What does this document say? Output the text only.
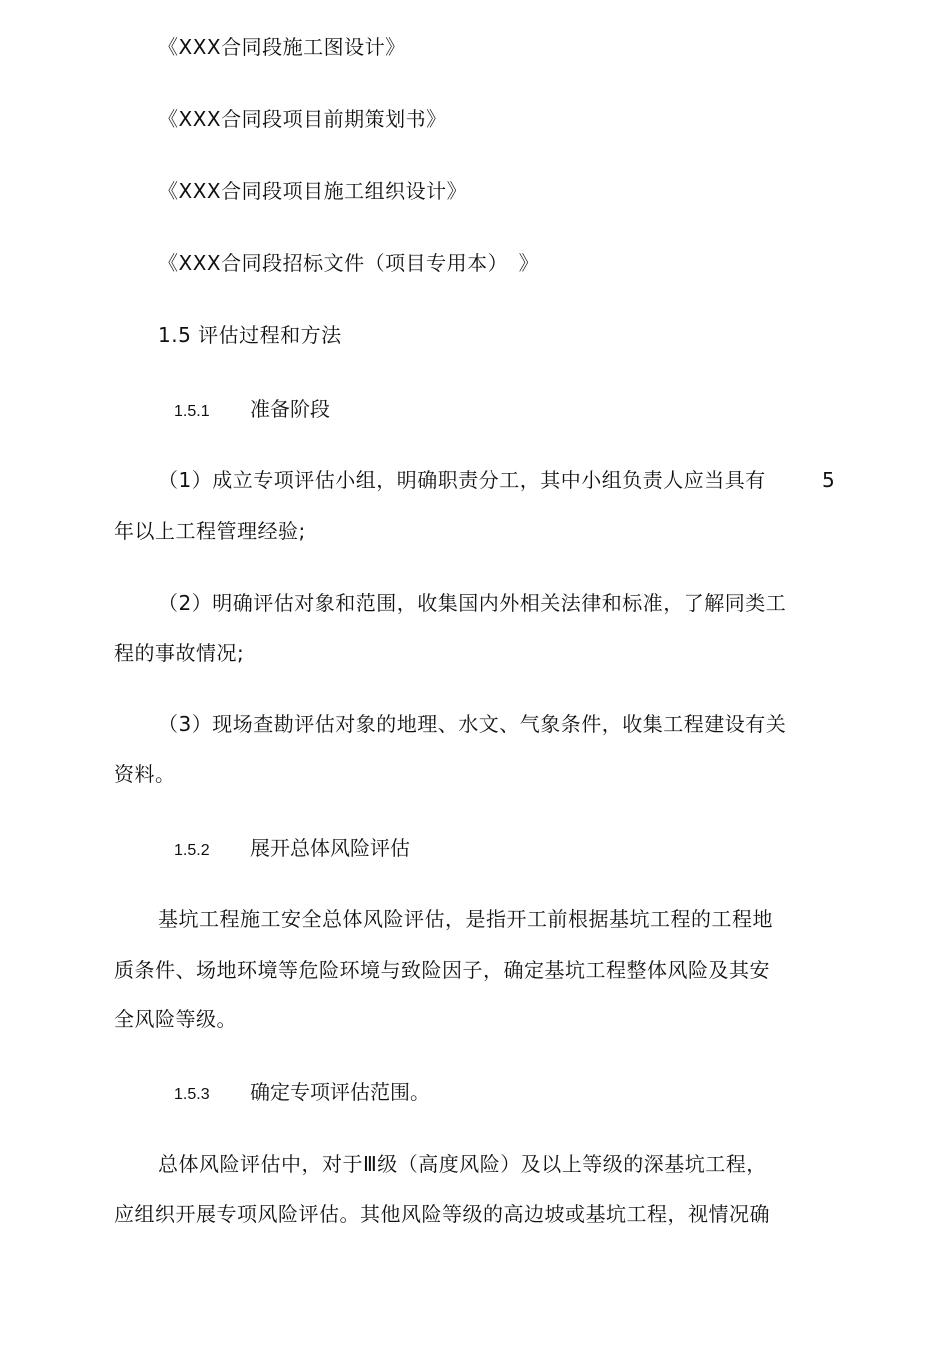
《XXX合同段施工图设计》
《XXX合同段项目前期策划书》
《XXX合同段项目施工组织设计》
《XXX合同段招标文件（项目专用本）　》
1.5 评估过程和方法
1.5.1 准备阶段
（1）成立专项评估小组，明确职责分工，其中小组负责人应当具有	5
年以上工程管理经验;
（2）明确评估对象和范围，收集国内外相关法律和标准，了解同类工
程的事故情况;
（3）现场查勘评估对象的地理、水文、气象条件，收集工程建设有关
资料。
1.5.2 展开总体风险评估
基坑工程施工安全总体风险评估，是指开工前根据基坑工程的工程地
质条件、场地环境等危险环境与致险因子，确定基坑工程整体风险及其安
全风险等级。
1.5.3 确定专项评估范围。
总体风险评估中，对于Ⅲ级（高度风险）及以上等级的深基坑工程，
应组织开展专项风险评估。其他风险等级的高边坡或基坑工程，视情况确
